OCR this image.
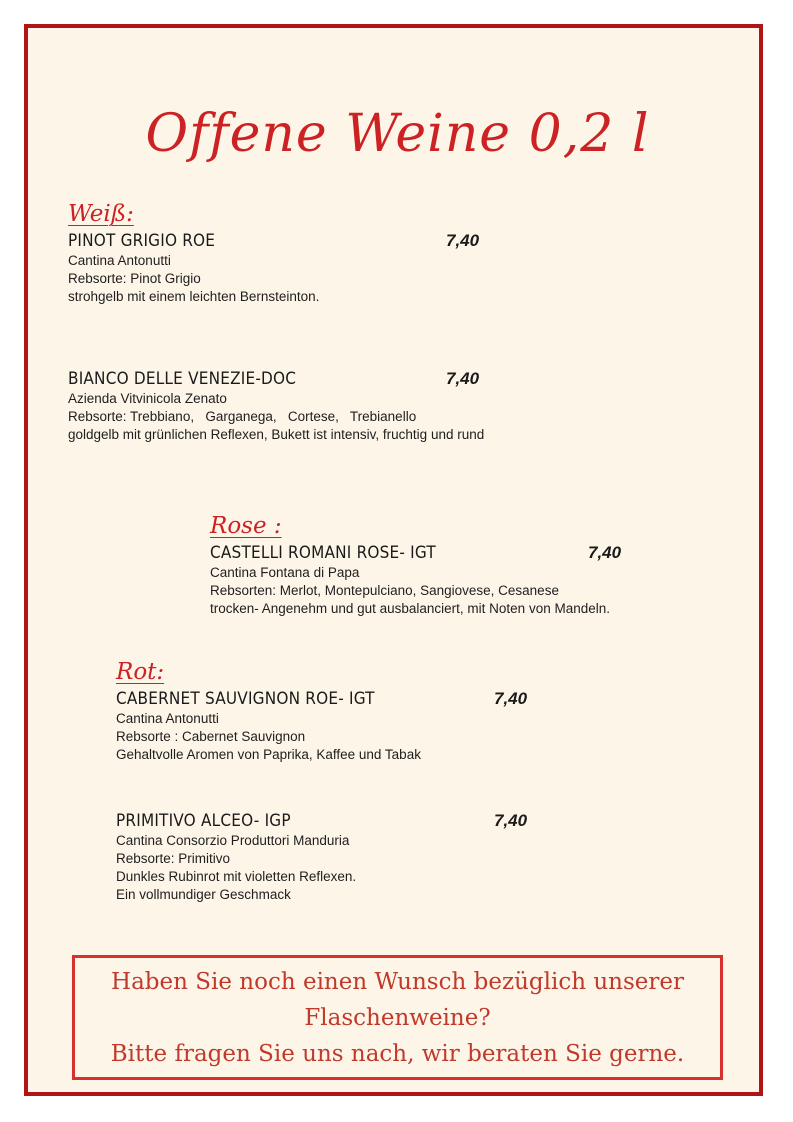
Offene Weine 0,2 l
Weiß:
PINOT GRIGIO ROE	7,40
Cantina Antonutti
Rebsorte: Pinot Grigio
strohgelb mit einem leichten Bernsteinton.
BIANCO DELLE VENEZIE-DOC	7,40
Azienda Vitvinicola Zenato
Rebsorte: Trebbiano,   Garganega,   Cortese,   Trebianello
goldgelb mit grünlichen Reflexen, Bukett ist intensiv, fruchtig und rund
Rose :
CASTELLI ROMANI ROSE- IGT	7,40
Cantina Fontana di Papa
Rebsorten: Merlot, Montepulciano, Sangiovese, Cesanese
trocken- Angenehm und gut ausbalanciert, mit Noten von Mandeln.
Rot:
CABERNET SAUVIGNON ROE- IGT	7,40
Cantina Antonutti
Rebsorte : Cabernet Sauvignon
Gehaltvolle Aromen von Paprika, Kaffee und Tabak
PRIMITIVO ALCEO- IGP	7,40
Cantina Consorzio Produttori Manduria
Rebsorte: Primitivo
Dunkles Rubinrot mit violetten Reflexen.
Ein vollmundiger Geschmack
Haben Sie noch einen Wunsch bezüglich unserer
Flaschenweine?
Bitte fragen Sie uns nach, wir beraten Sie gerne.
